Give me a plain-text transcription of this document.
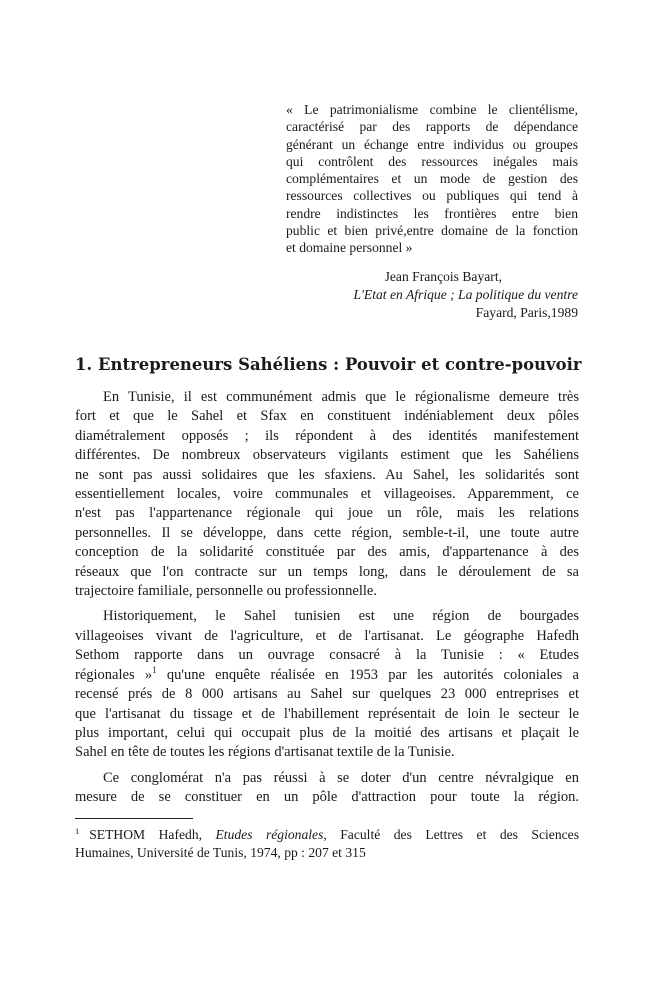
« Le patrimonialisme combine le clientélisme,
caractérisé par des rapports de dépendance
générant un échange entre individus ou groupes
qui contrôlent des ressources inégales mais
complémentaires et un mode de gestion des
ressources collectives ou publiques qui tend à
rendre indistinctes les frontières entre bien
public et bien privé,entre domaine de la fonction
et domaine personnel »
Jean François Bayart,
L'Etat en Afrique ; La politique du ventre
Fayard, Paris,1989
1. Entrepreneurs Sahéliens : Pouvoir et contre-pouvoir
En Tunisie, il est communément admis que le régionalisme demeure très
fort et que le Sahel et Sfax en constituent indéniablement deux pôles
diamétralement opposés ; ils répondent à des identités manifestement
différentes. De nombreux observateurs vigilants estiment que les Sahéliens
ne sont pas aussi solidaires que les sfaxiens. Au Sahel, les solidarités sont
essentiellement locales, voire communales et villageoises. Apparemment, ce
n'est pas l'appartenance régionale qui joue un rôle, mais les relations
personnelles. Il se développe, dans cette région, semble-t-il, une toute autre
conception de la solidarité constituée par des amis, d'appartenance à des
réseaux que l'on contracte sur un temps long, dans le déroulement de sa
trajectoire familiale, personnelle ou professionnelle.
Historiquement, le Sahel tunisien est une région de bourgades
villageoises vivant de l'agriculture, et de l'artisanat. Le géographe Hafedh
Sethom rapporte dans un ouvrage consacré à la Tunisie : « Etudes
régionales »$^1$ qu'une enquête réalisée en 1953 par les autorités coloniales a
recensé prés de 8 000 artisans au Sahel sur quelques 23 000 entreprises et
que l'artisanat du tissage et de l'habillement représentait de loin le secteur le
plus important, celui qui occupait plus de la moitié des artisans et plaçait le
Sahel en tête de toutes les régions d'artisanat textile de la Tunisie.
Ce conglomérat n'a pas réussi à se doter d'un centre névralgique en
mesure de se constituer en un pôle d'attraction pour toute la région.
$^1$ SETHOM Hafedh, Etudes régionales, Faculté des Lettres et des Sciences
Humaines, Université de Tunis, 1974, pp : 207 et 315
